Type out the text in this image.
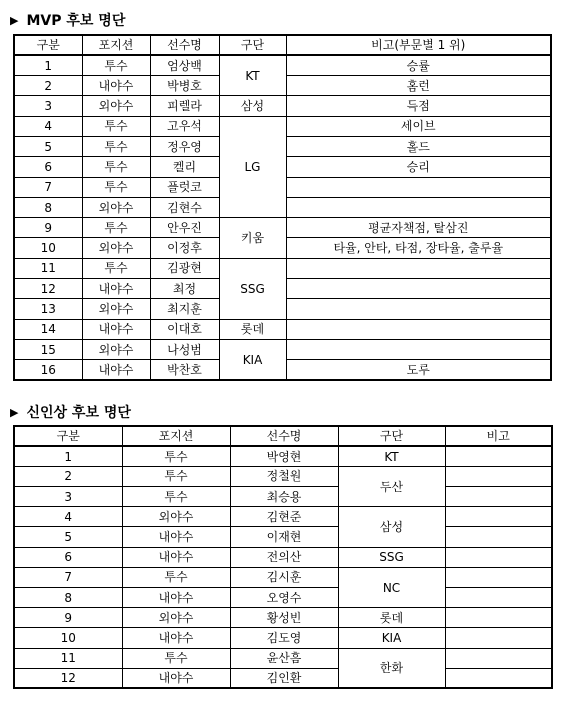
▶ MVP 후보 명단
구분	포지션	선수명	구단	비고(부문별 1 위)
1	투수	엄상백	KT	승률
2	내야수	박병호		홈런
3	외야수	피렐라	삼성	득점
4	투수	고우석	LG	세이브
5	투수	정우영		홀드
6	투수	켈리		승리
7	투수	플럿코		
8	외야수	김현수		
9	투수	안우진	키움	평균자책점, 탈삼진
10	외야수	이정후		타율, 안타, 타점, 장타율, 출루율
11	투수	김광현	SSG	
12	내야수	최정		
13	외야수	최지훈		
14	내야수	이대호	롯데	
15	외야수	나성범	KIA	
16	내야수	박찬호		도루
▶ 신인상 후보 명단
구분	포지션	선수명	구단	비고
1	투수	박영현	KT	
2	투수	정철원	두산	
3	투수	최승용		
4	외야수	김현준	삼성	
5	내야수	이재현		
6	내야수	전의산	SSG	
7	투수	김시훈	NC	
8	내야수	오영수		
9	외야수	황성빈	롯데	
10	내야수	김도영	KIA	
11	투수	윤산흠	한화	
12	내야수	김인환		
